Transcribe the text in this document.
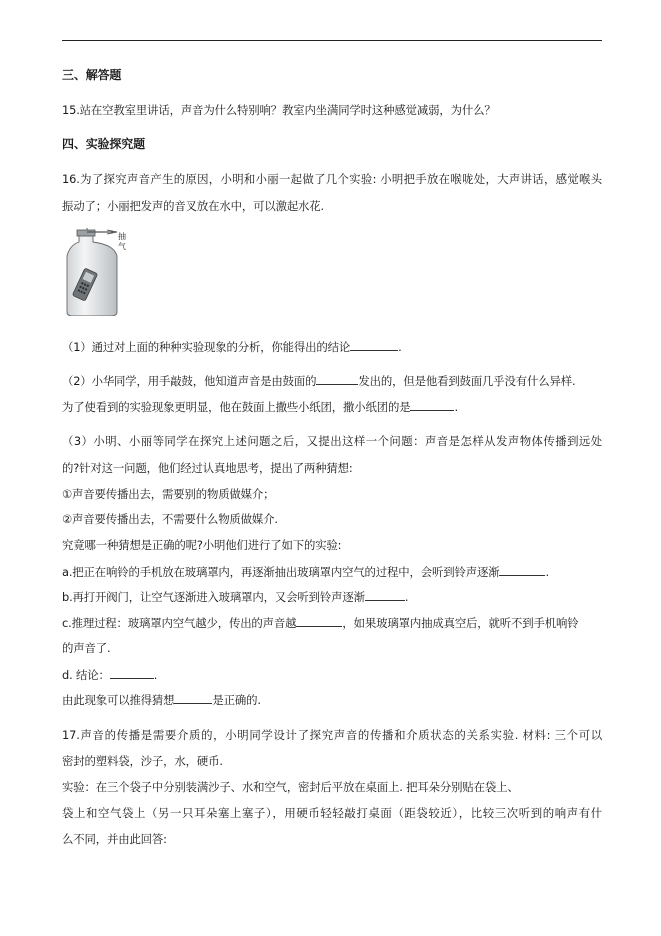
三、解答题
15.站在空教室里讲话，声音为什么特别响？教室内坐满同学时这种感觉减弱，为什么？
四、实验探究题
16.为了探究声音产生的原因，小明和小丽一起做了几个实验: 小明把手放在喉咙处，大声讲话，感觉喉头
振动了；小丽把发声的音叉放在水中，可以激起水花.
抽气
（1）通过对上面的种种实验现象的分析，你能得出的结论	.
（2）小华同学，用手敲鼓，他知道声音是由鼓面的	发出的，但是他看到鼓面几乎没有什么异样.
为了使看到的实验现象更明显，他在鼓面上撒些小纸团，撒小纸团的是	.
（3）小明、小丽等同学在探究上述问题之后，又提出这样一个问题：声音是怎样从发声物体传播到远处
的?针对这一问题，他们经过认真地思考，提出了两种猜想:
①声音要传播出去，需要别的物质做媒介；
②声音要传播出去，不需要什么物质做媒介.
究竟哪一种猜想是正确的呢?小明他们进行了如下的实验:
a.把正在响铃的手机放在玻璃罩内，再逐渐抽出玻璃罩内空气的过程中，会听到铃声逐渐	.
b.再打开阀门，让空气逐渐进入玻璃罩内，又会听到铃声逐渐	.
c.推理过程：玻璃罩内空气越少，传出的声音越	，如果玻璃罩内抽成真空后，就听不到手机响铃
的声音了.
d. 结论：	.
由此现象可以推得猜想	是正确的.
17.声音的传播是需要介质的，小明同学设计了探究声音的传播和介质状态的关系实验. 材料: 三个可以
密封的塑料袋，沙子，水，硬币.
实验：在三个袋子中分别装满沙子、水和空气，密封后平放在桌面上. 把耳朵分别贴在袋上、
袋上和空气袋上（另一只耳朵塞上塞子），用硬币轻轻敲打桌面（距袋较近），比较三次听到的响声有什
么不同，并由此回答:
